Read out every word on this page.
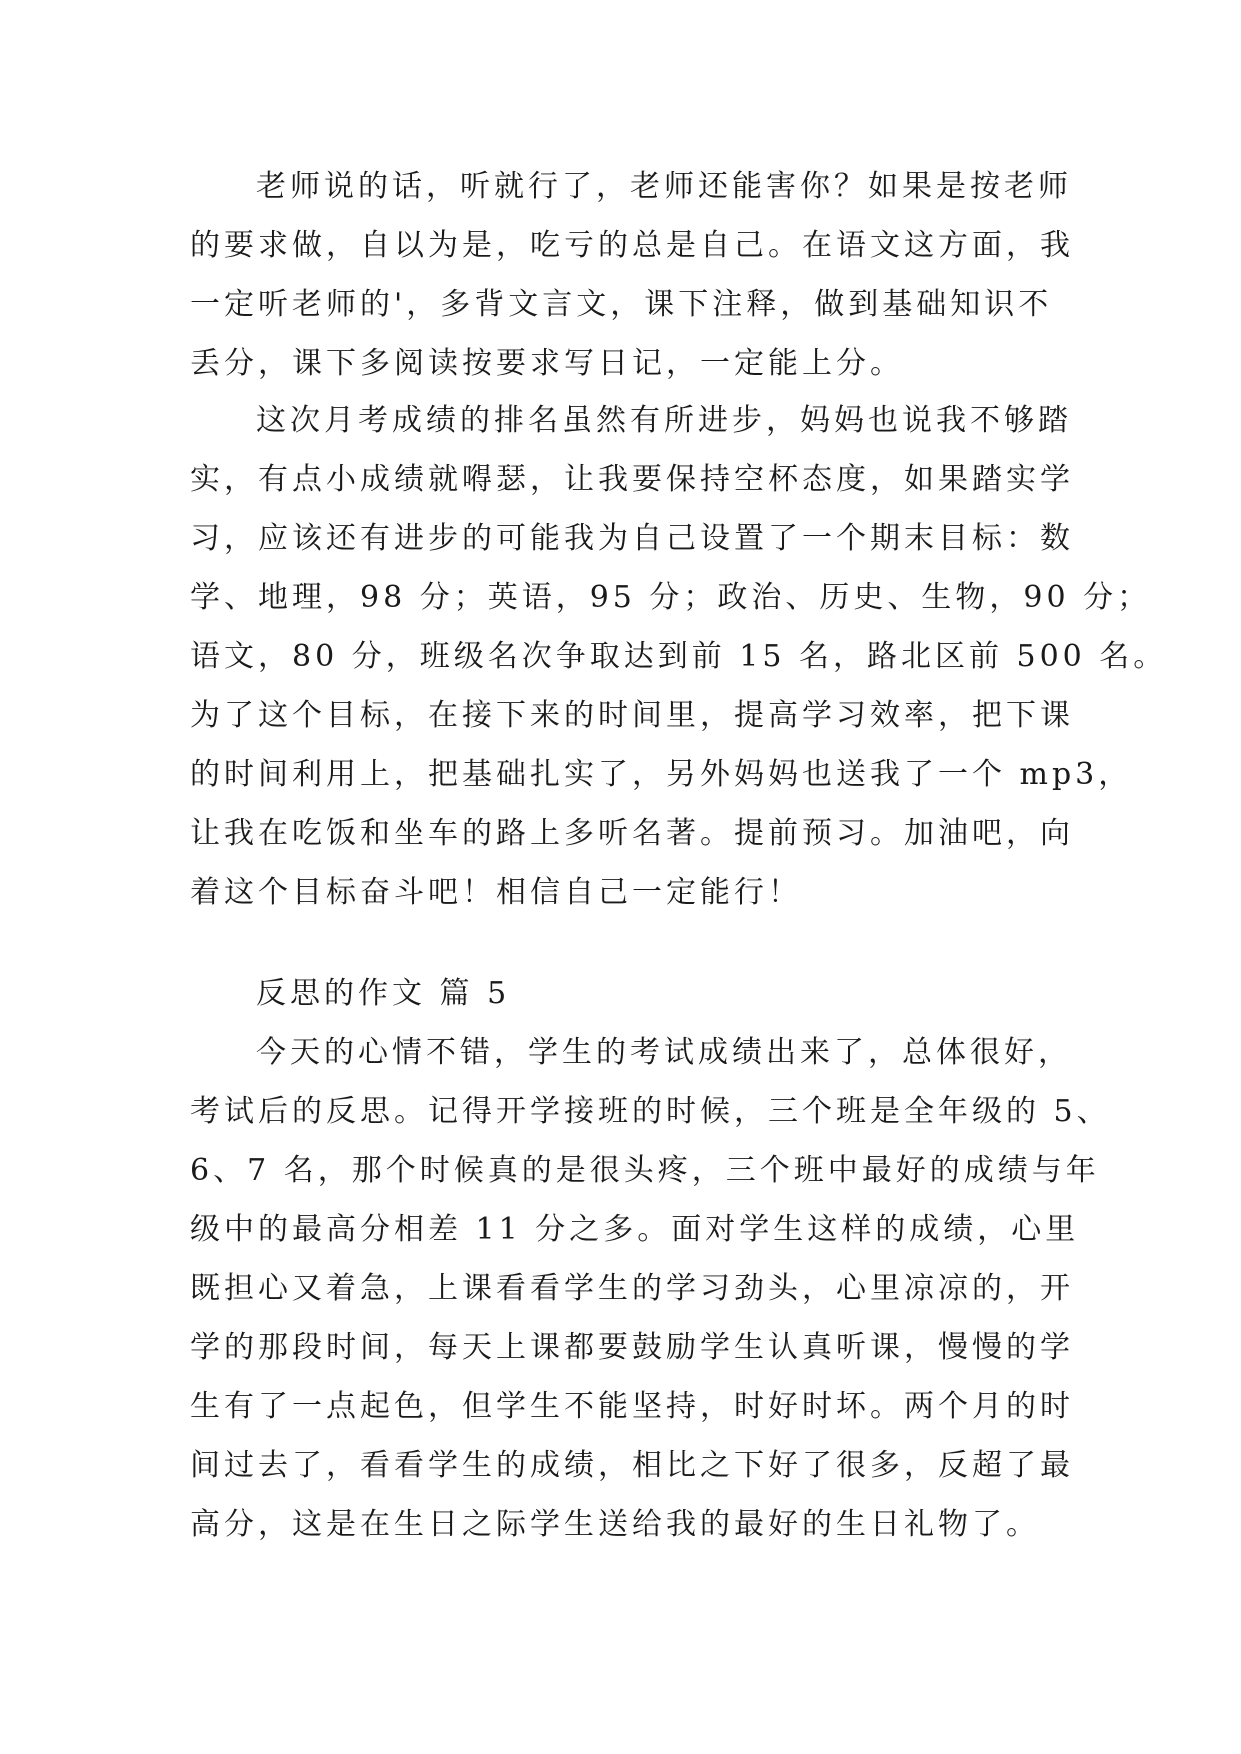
老师说的话，听就行了，老师还能害你？如果是按老师
的要求做，自以为是，吃亏的总是自己。在语文这方面，我
一定听老师的'，多背文言文，课下注释，做到基础知识不
丢分，课下多阅读按要求写日记，一定能上分。
这次月考成绩的排名虽然有所进步，妈妈也说我不够踏
实，有点小成绩就嘚瑟，让我要保持空杯态度，如果踏实学
习，应该还有进步的可能我为自己设置了一个期末目标：数
学、地理，98 分；英语，95 分；政治、历史、生物，90 分；
语文，80 分，班级名次争取达到前 15 名，路北区前 500 名。
为了这个目标，在接下来的时间里，提高学习效率，把下课
的时间利用上，把基础扎实了，另外妈妈也送我了一个 mp3，
让我在吃饭和坐车的路上多听名著。提前预习。加油吧，向
着这个目标奋斗吧！相信自己一定能行！
反思的作文 篇 5
今天的心情不错，学生的考试成绩出来了，总体很好，
考试后的反思。记得开学接班的时候，三个班是全年级的 5、
6、7 名，那个时候真的是很头疼，三个班中最好的成绩与年
级中的最高分相差 11 分之多。面对学生这样的成绩，心里
既担心又着急，上课看看学生的学习劲头，心里凉凉的，开
学的那段时间，每天上课都要鼓励学生认真听课，慢慢的学
生有了一点起色，但学生不能坚持，时好时坏。两个月的时
间过去了，看看学生的成绩，相比之下好了很多，反超了最
高分，这是在生日之际学生送给我的最好的生日礼物了。
